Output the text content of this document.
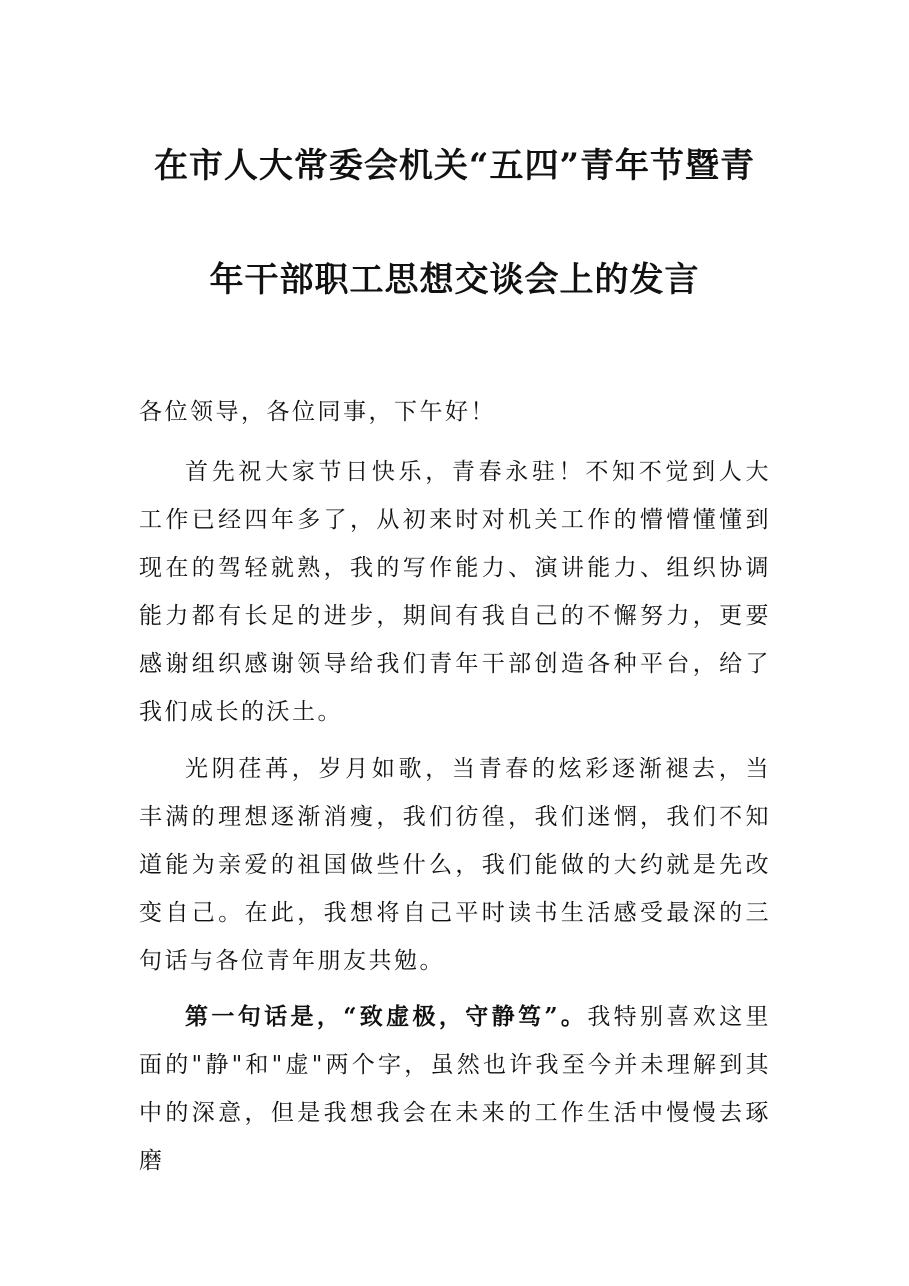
在市人大常委会机关“五四”青年节暨青
年干部职工思想交谈会上的发言
各位领导，各位同事，下午好！

首先祝大家节日快乐，青春永驻！不知不觉到人大工作已经四年多了，从初来时对机关工作的懵懵懂懂到现在的驾轻就熟，我的写作能力、演讲能力、组织协调能力都有长足的进步，期间有我自己的不懈努力，更要感谢组织感谢领导给我们青年干部创造各种平台，给了我们成长的沃土。

光阴荏苒，岁月如歌，当青春的炫彩逐渐褪去，当丰满的理想逐渐消瘦，我们彷徨，我们迷惘，我们不知道能为亲爱的祖国做些什么，我们能做的大约就是先改变自己。在此，我想将自己平时读书生活感受最深的三句话与各位青年朋友共勉。

第一句话是，“致虚极，守静笃”。我特别喜欢这里面的"静"和"虚"两个字，虽然也许我至今并未理解到其中的深意，但是我想我会在未来的工作生活中慢慢去琢磨
